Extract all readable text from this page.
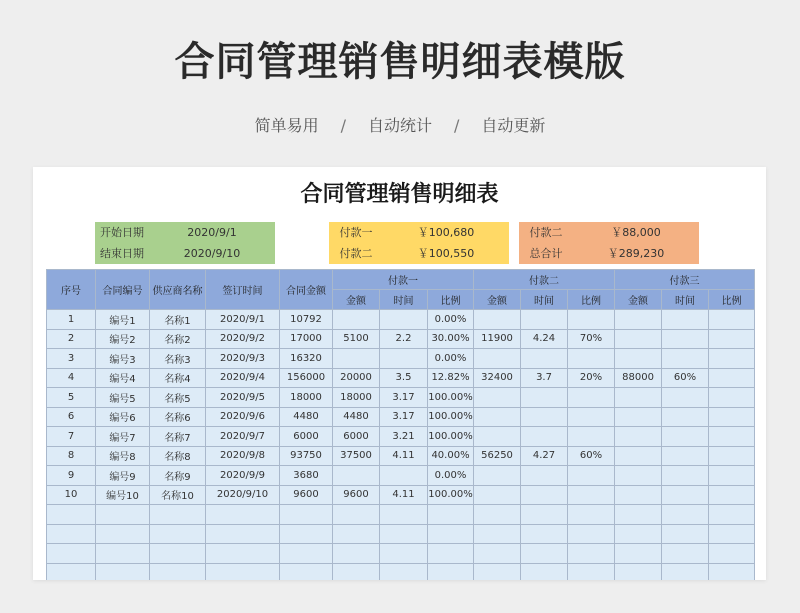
合同管理销售明细表模版
简单易用 / 自动统计 / 自动更新
合同管理销售明细表
开始日期	2020/9/1
结束日期	2020/9/10
付款一	￥100,680
付款二	￥100,550
付款二	￥88,000
总合计	￥289,230
序号	合同编号	供应商名称	签订时间	合同金额	付款一			付款二			付款三		
					金额	时间	比例	金额	时间	比例	金额	时间	比例
1	编号1	名称1	2020/9/1	10792			0.00%						
2	编号2	名称2	2020/9/2	17000	5100	2.2	30.00%	11900	4.24	70%			
3	编号3	名称3	2020/9/3	16320			0.00%						
4	编号4	名称4	2020/9/4	156000	20000	3.5	12.82%	32400	3.7	20%	88000	60%	
5	编号5	名称5	2020/9/5	18000	18000	3.17	100.00%						
6	编号6	名称6	2020/9/6	4480	4480	3.17	100.00%						
7	编号7	名称7	2020/9/7	6000	6000	3.21	100.00%						
8	编号8	名称8	2020/9/8	93750	37500	4.11	40.00%	56250	4.27	60%			
9	编号9	名称9	2020/9/9	3680			0.00%						
10	编号10	名称10	2020/9/10	9600	9600	4.11	100.00%						
